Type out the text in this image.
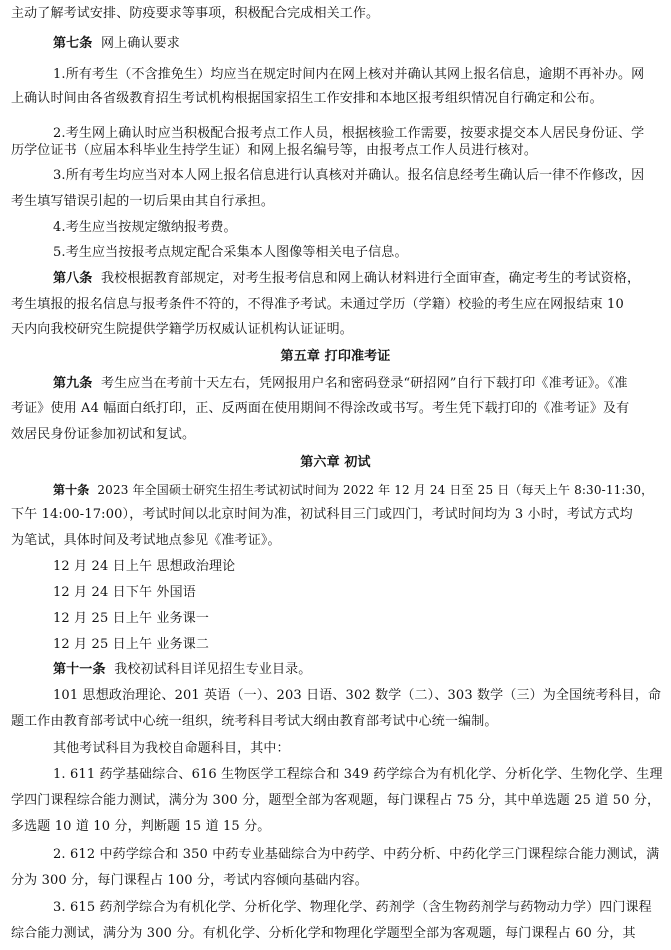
主动了解考试安排、防疫要求等事项，积极配合完成相关工作。
第七条 网上确认要求
1.所有考生（不含推免生）均应当在规定时间内在网上核对并确认其网上报名信息，逾期不再补办。网
上确认时间由各省级教育招生考试机构根据国家招生工作安排和本地区报考组织情况自行确定和公布。
2.考生网上确认时应当积极配合报考点工作人员，根据核验工作需要，按要求提交本人居民身份证、学
历学位证书（应届本科毕业生持学生证）和网上报名编号等，由报考点工作人员进行核对。
3.所有考生均应当对本人网上报名信息进行认真核对并确认。报名信息经考生确认后一律不作修改，因
考生填写错误引起的一切后果由其自行承担。
4.考生应当按规定缴纳报考费。
5.考生应当按报考点规定配合采集本人图像等相关电子信息。
第八条 我校根据教育部规定，对考生报考信息和网上确认材料进行全面审查，确定考生的考试资格，
考生填报的报名信息与报考条件不符的，不得准予考试。未通过学历（学籍）校验的考生应在网报结束 10
天内向我校研究生院提供学籍学历权威认证机构认证证明。
第五章 打印准考证
第九条 考生应当在考前十天左右，凭网报用户名和密码登录“研招网”自行下载打印《准考证》。《准
考证》使用 A4 幅面白纸打印，正、反两面在使用期间不得涂改或书写。考生凭下载打印的《准考证》及有
效居民身份证参加初试和复试。
第六章 初试
第十条 2023 年全国硕士研究生招生考试初试时间为 2022 年 12 月 24 日至 25 日（每天上午 8:30-11:30，
下午 14:00-17:00），考试时间以北京时间为准，初试科目三门或四门，考试时间均为 3 小时，考试方式均
为笔试，具体时间及考试地点参见《准考证》。
12 月 24 日上午 思想政治理论
12 月 24 日下午 外国语
12 月 25 日上午 业务课一
12 月 25 日上午 业务课二
第十一条 我校初试科目详见招生专业目录。
101 思想政治理论、201 英语（一）、203 日语、302 数学（二）、303 数学（三）为全国统考科目，命
题工作由教育部考试中心统一组织，统考科目考试大纲由教育部考试中心统一编制。
其他考试科目为我校自命题科目，其中：
1. 611 药学基础综合、616 生物医学工程综合和 349 药学综合为有机化学、分析化学、生物化学、生理
学四门课程综合能力测试，满分为 300 分，题型全部为客观题，每门课程占 75 分，其中单选题 25 道 50 分，
多选题 10 道 10 分，判断题 15 道 15 分。
2. 612 中药学综合和 350 中药专业基础综合为中药学、中药分析、中药化学三门课程综合能力测试，满
分为 300 分，每门课程占 100 分，考试内容倾向基础内容。
3. 615 药剂学综合为有机化学、分析化学、物理化学、药剂学（含生物药剂学与药物动力学）四门课程
综合能力测试，满分为 300 分。有机化学、分析化学和物理化学题型全部为客观题，每门课程占 60 分，其
